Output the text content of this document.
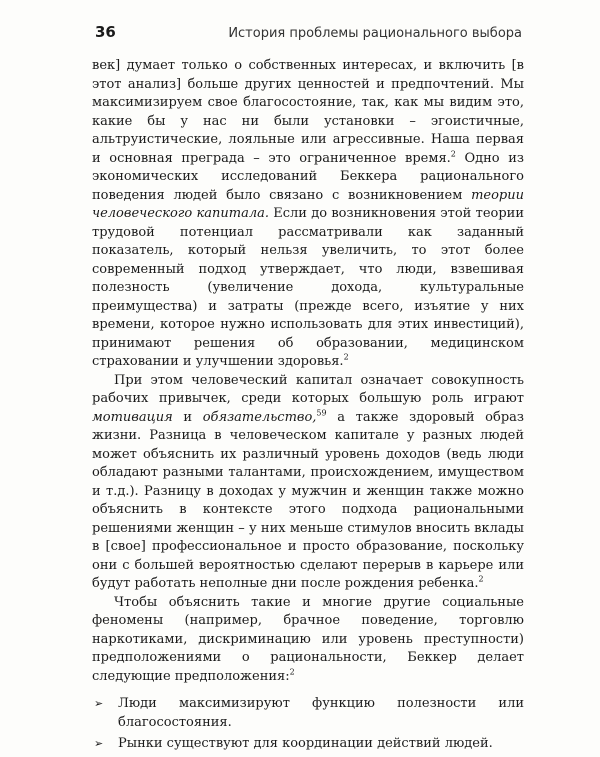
36	История проблемы рационального выбора

век] думает только о собственных интересах, и включить [в этот анализ] больше других ценностей и предпочтений. Мы максимизируем свое благосостояние, так, как мы видим это, какие бы у нас ни были установки – эгоистичные, альтруистические, лояльные или агрессивные. Наша первая и основная преграда – это ограниченное время.$^2$ Одно из экономических исследований Беккера рационального поведения людей было связано с возникновением теории человеческого капитала. Если до возникновения этой теории трудовой потенциал рассматривали как заданный показатель, который нельзя увеличить, то этот более современный подход утверждает, что люди, взвешивая полезность (увеличение дохода, культуральные преимущества) и затраты (прежде всего, изъятие у них времени, которое нужно использовать для этих инвестиций), принимают решения об образовании, медицинском страховании и улучшении здоровья.$^2$

При этом человеческий капитал означает совокупность рабочих привычек, среди которых большую роль играют мотивация и обязательство,$^{59}$ а также здоровый образ жизни. Разница в человеческом капитале у разных людей может объяснить их различный уровень доходов (ведь люди обладают разными талантами, происхождением, имуществом и т.д.). Разницу в доходах у мужчин и женщин также можно объяснить в контексте этого подхода рациональными решениями женщин – у них меньше стимулов вносить вклады в [свое] профессиональное и просто образование, поскольку они с большей вероятностью сделают перерыв в карьере или будут работать неполные дни после рождения ребенка.$^2$

Чтобы объяснить такие и многие другие социальные феномены (например, брачное поведение, торговлю наркотиками, дискриминацию или уровень преступности) предположениями о рациональности, Беккер делает следующие предположения:$^2$

➢	Люди максимизируют функцию полезности или благосостояния.
➢	Рынки существуют для координации действий людей.
